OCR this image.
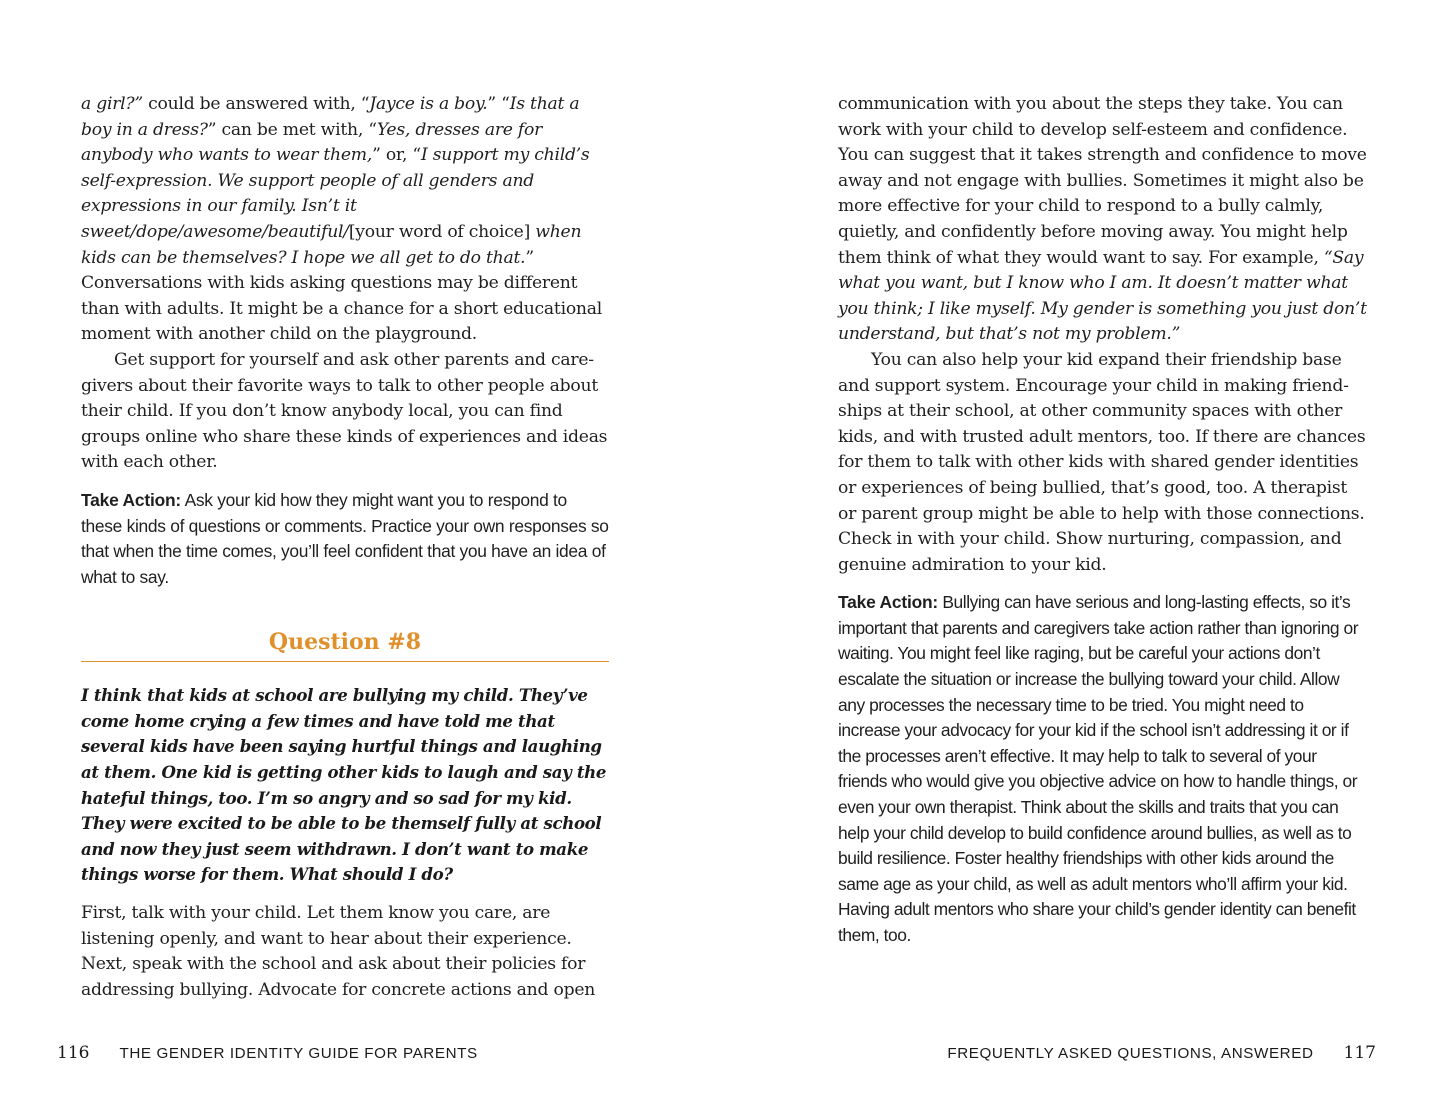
a girl?” could be answered with, “Jayce is a boy.” “Is that a boy in a dress?” can be met with, “Yes, dresses are for anybody who wants to wear them,” or, “I support my child’s self-expression. We support people of all genders and expressions in our family. Isn’t it sweet/dope/awesome/beautiful/[your word of choice] when kids can be themselves? I hope we all get to do that.” Conversations with kids asking questions may be different than with adults. It might be a chance for a short educational moment with another child on the playground.

Get support for yourself and ask other parents and caregivers about their favorite ways to talk to other people about their child. If you don’t know anybody local, you can find groups online who share these kinds of experiences and ideas with each other.

Take Action: Ask your kid how they might want you to respond to these kinds of questions or comments. Practice your own responses so that when the time comes, you’ll feel confident that you have an idea of what to say.

Question #8

I think that kids at school are bullying my child. They’ve come home crying a few times and have told me that several kids have been saying hurtful things and laughing at them. One kid is getting other kids to laugh and say the hateful things, too. I’m so angry and so sad for my kid. They were excited to be able to be themself fully at school and now they just seem withdrawn. I don’t want to make things worse for them. What should I do?

First, talk with your child. Let them know you care, are listening openly, and want to hear about their experience. Next, speak with the school and ask about their policies for addressing bullying. Advocate for concrete actions and open

116 THE GENDER IDENTITY GUIDE FOR PARENTS

communication with you about the steps they take. You can work with your child to develop self-esteem and confidence. You can suggest that it takes strength and confidence to move away and not engage with bullies. Sometimes it might also be more effective for your child to respond to a bully calmly, quietly, and confidently before moving away. You might help them think of what they would want to say. For example, “Say what you want, but I know who I am. It doesn’t matter what you think; I like myself. My gender is something you just don’t understand, but that’s not my problem.”

You can also help your kid expand their friendship base and support system. Encourage your child in making friendships at their school, at other community spaces with other kids, and with trusted adult mentors, too. If there are chances for them to talk with other kids with shared gender identities or experiences of being bullied, that’s good, too. A therapist or parent group might be able to help with those connections. Check in with your child. Show nurturing, compassion, and genuine admiration to your kid.

Take Action: Bullying can have serious and long-lasting effects, so it’s important that parents and caregivers take action rather than ignoring or waiting. You might feel like raging, but be careful your actions don’t escalate the situation or increase the bullying toward your child. Allow any processes the necessary time to be tried. You might need to increase your advocacy for your kid if the school isn’t addressing it or if the processes aren’t effective. It may help to talk to several of your friends who would give you objective advice on how to handle things, or even your own therapist. Think about the skills and traits that you can help your child develop to build confidence around bullies, as well as to build resilience. Foster healthy friendships with other kids around the same age as your child, as well as adult mentors who’ll affirm your kid. Having adult mentors who share your child’s gender identity can benefit them, too.

FREQUENTLY ASKED QUESTIONS, ANSWERED 117
